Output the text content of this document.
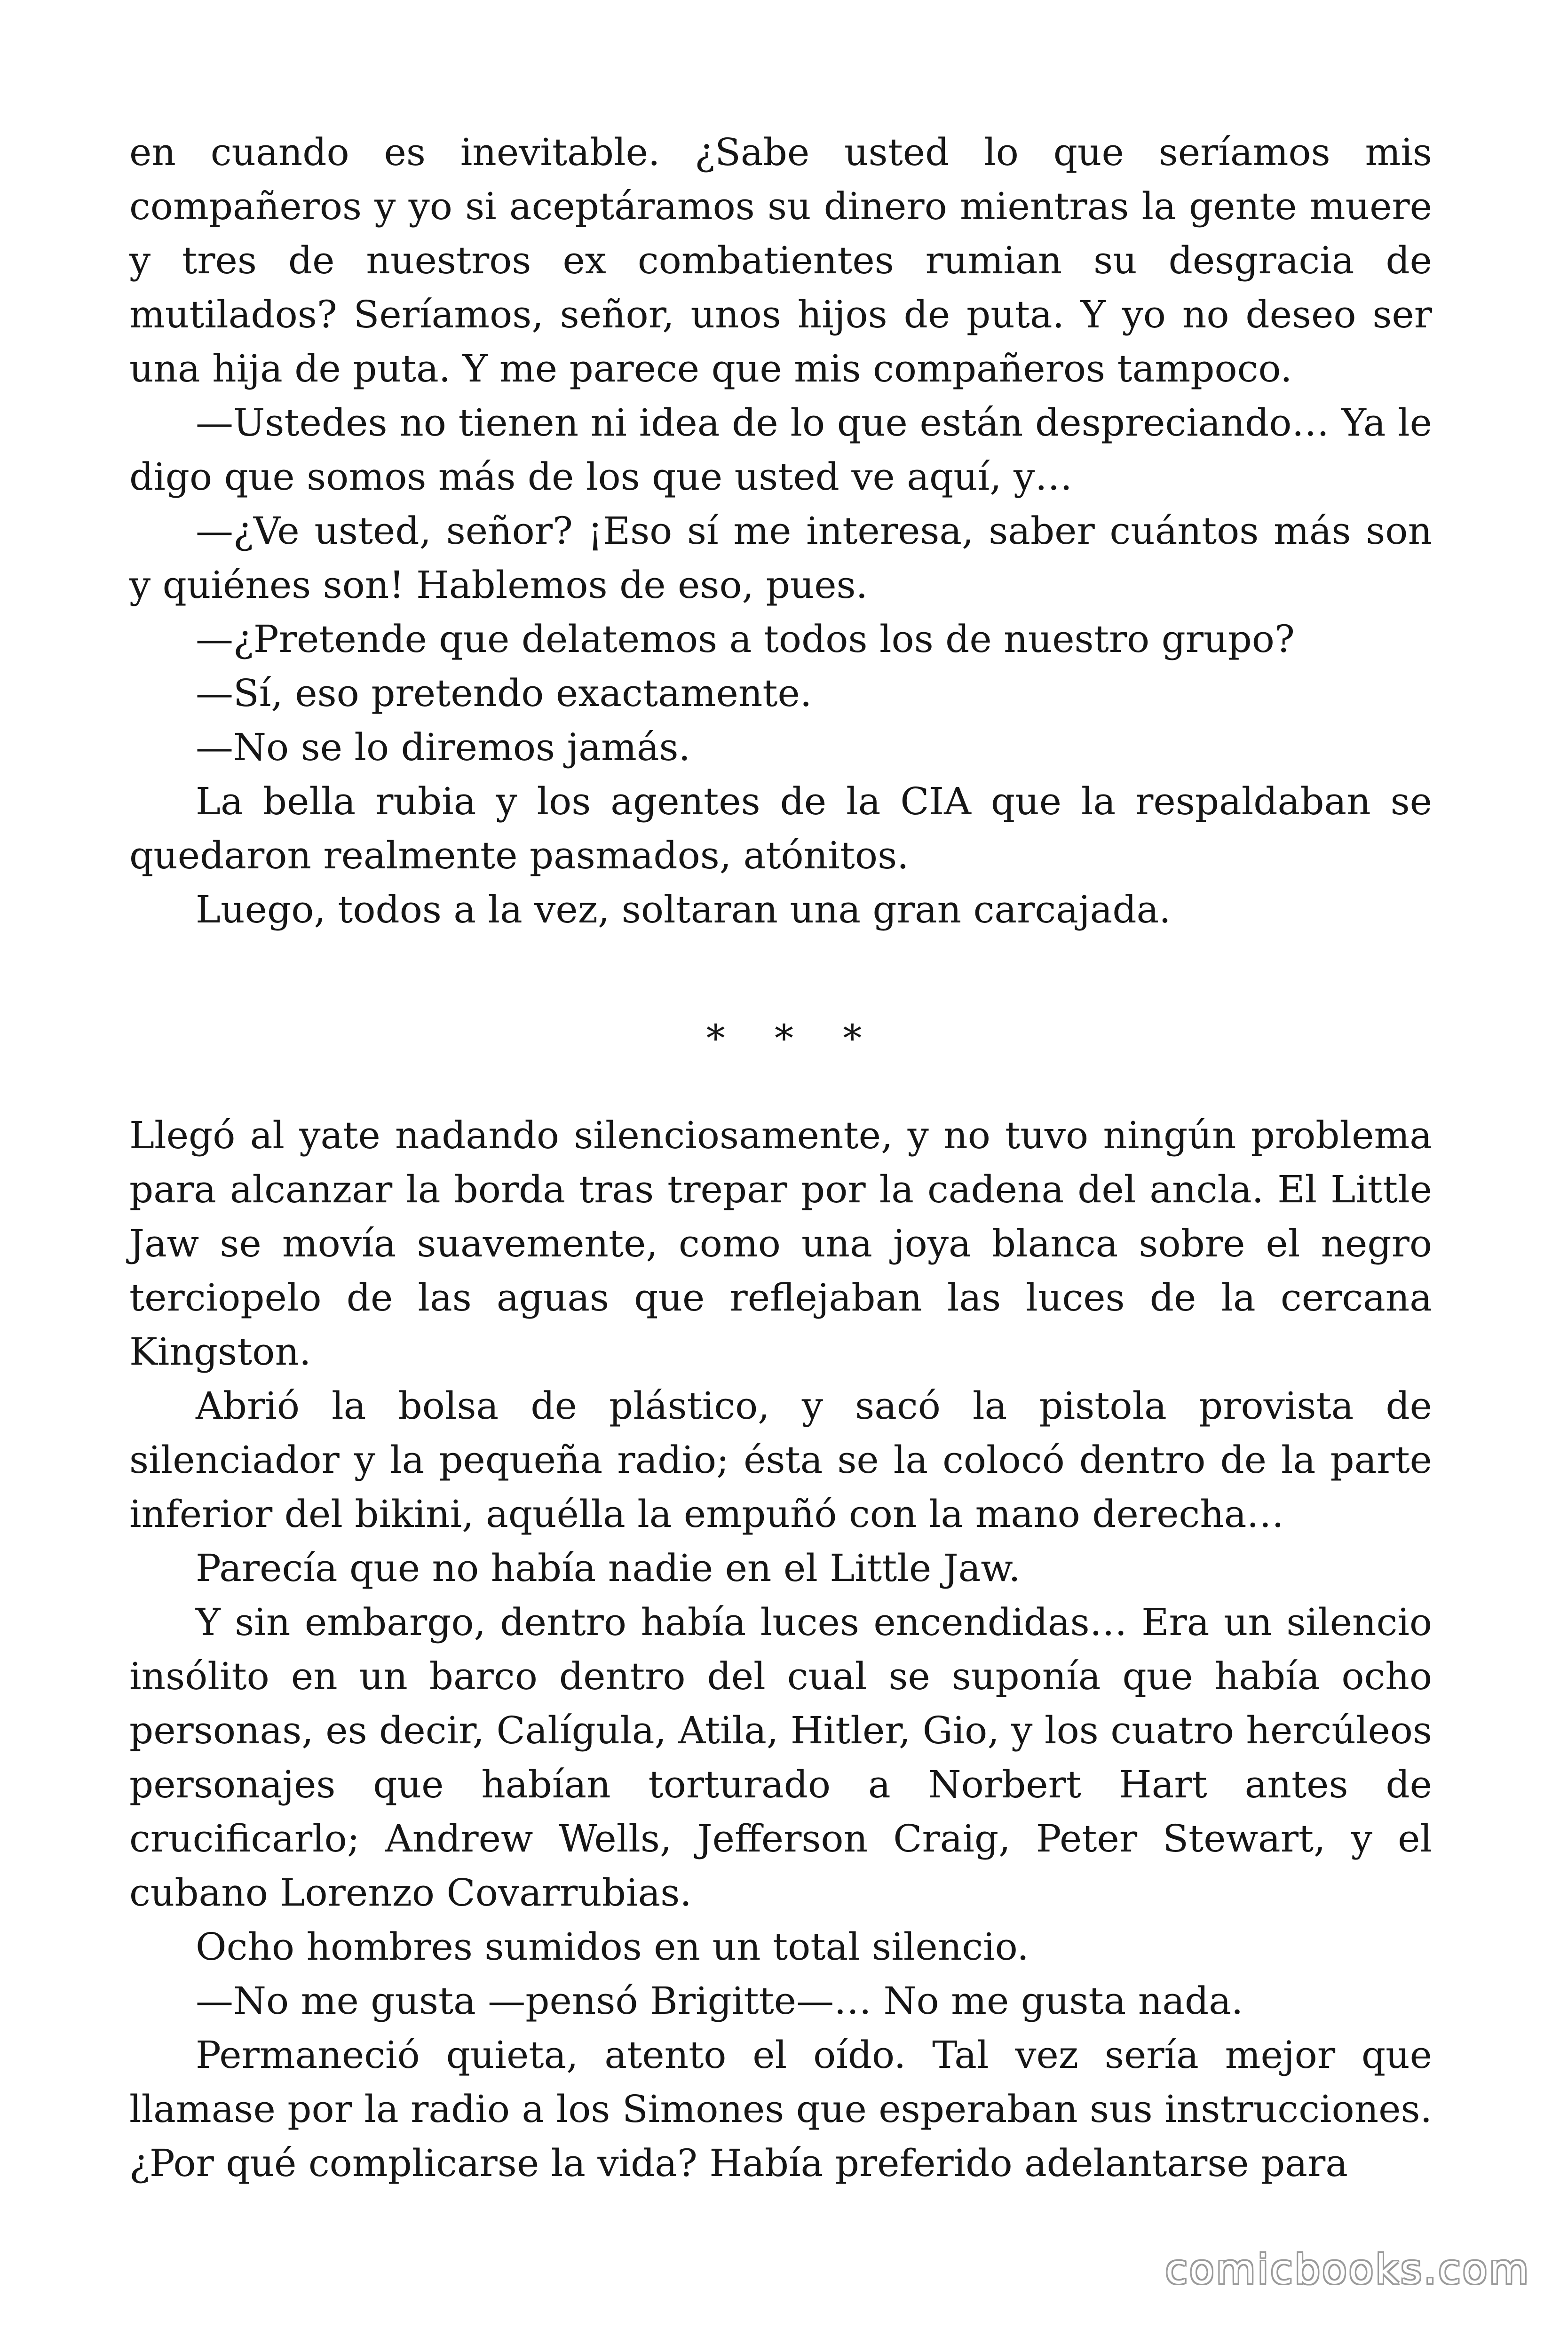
en cuando es inevitable. ¿Sabe usted lo que seríamos mis compañeros y yo si aceptáramos su dinero mientras la gente muere y tres de nuestros ex combatientes rumian su desgracia de mutilados? Seríamos, señor, unos hijos de puta. Y yo no deseo ser una hija de puta. Y me parece que mis compañeros tampoco.

—Ustedes no tienen ni idea de lo que están despreciando… Ya le digo que somos más de los que usted ve aquí, y…

—¿Ve usted, señor? ¡Eso sí me interesa, saber cuántos más son y quiénes son! Hablemos de eso, pues.

—¿Pretende que delatemos a todos los de nuestro grupo?

—Sí, eso pretendo exactamente.

—No se lo diremos jamás.

La bella rubia y los agentes de la CIA que la respaldaban se quedaron realmente pasmados, atónitos.

Luego, todos a la vez, soltaran una gran carcajada.

* * *

Llegó al yate nadando silenciosamente, y no tuvo ningún problema para alcanzar la borda tras trepar por la cadena del ancla. El Little Jaw se movía suavemente, como una joya blanca sobre el negro terciopelo de las aguas que reflejaban las luces de la cercana Kingston.

Abrió la bolsa de plástico, y sacó la pistola provista de silenciador y la pequeña radio; ésta se la colocó dentro de la parte inferior del bikini, aquélla la empuñó con la mano derecha…

Parecía que no había nadie en el Little Jaw.

Y sin embargo, dentro había luces encendidas… Era un silencio insólito en un barco dentro del cual se suponía que había ocho personas, es decir, Calígula, Atila, Hitler, Gio, y los cuatro hercúleos personajes que habían torturado a Norbert Hart antes de crucificarlo; Andrew Wells, Jefferson Craig, Peter Stewart, y el cubano Lorenzo Covarrubias.

Ocho hombres sumidos en un total silencio.

—No me gusta —pensó Brigitte—… No me gusta nada.

Permaneció quieta, atento el oído. Tal vez sería mejor que llamase por la radio a los Simones que esperaban sus instrucciones. ¿Por qué complicarse la vida? Había preferido adelantarse para

comicbooks.com
